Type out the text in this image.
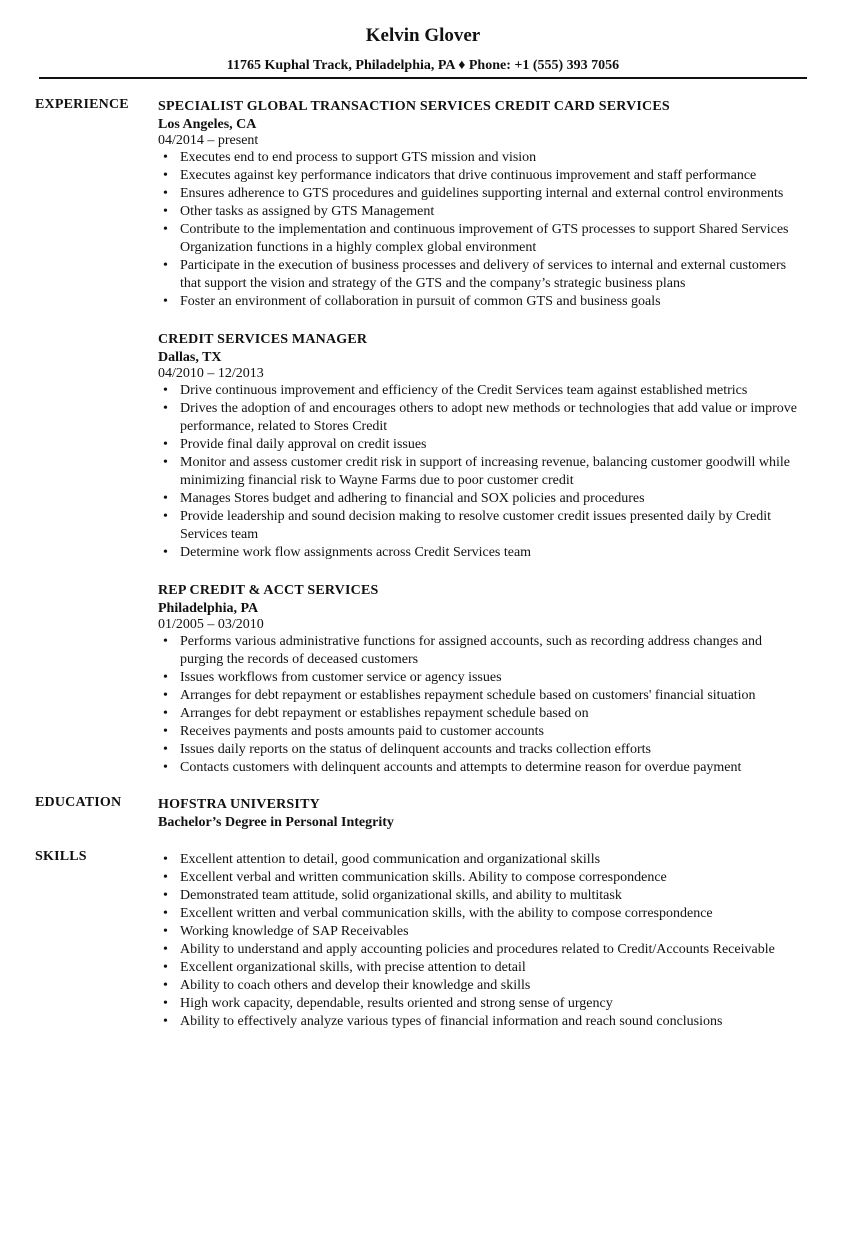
Kelvin Glover
11765 Kuphal Track, Philadelphia, PA ♦ Phone: +1 (555) 393 7056
EXPERIENCE SPECIALIST GLOBAL TRANSACTION SERVICES CREDIT CARD SERVICES
Los Angeles, CA
04/2014 – present
• Executes end to end process to support GTS mission and vision
• Executes against key performance indicators that drive continuous improvement and staff performance
• Ensures adherence to GTS procedures and guidelines supporting internal and external control environments
• Other tasks as assigned by GTS Management
• Contribute to the implementation and continuous improvement of GTS processes to support Shared Services Organization functions in a highly complex global environment
• Participate in the execution of business processes and delivery of services to internal and external customers that support the vision and strategy of the GTS and the company’s strategic business plans
• Foster an environment of collaboration in pursuit of common GTS and business goals
CREDIT SERVICES MANAGER
Dallas, TX
04/2010 – 12/2013
• Drive continuous improvement and efficiency of the Credit Services team against established metrics
• Drives the adoption of and encourages others to adopt new methods or technologies that add value or improve performance, related to Stores Credit
• Provide final daily approval on credit issues
• Monitor and assess customer credit risk in support of increasing revenue, balancing customer goodwill while minimizing financial risk to Wayne Farms due to poor customer credit
• Manages Stores budget and adhering to financial and SOX policies and procedures
• Provide leadership and sound decision making to resolve customer credit issues presented daily by Credit Services team
• Determine work flow assignments across Credit Services team
REP CREDIT & ACCT SERVICES
Philadelphia, PA
01/2005 – 03/2010
• Performs various administrative functions for assigned accounts, such as recording address changes and purging the records of deceased customers
• Issues workflows from customer service or agency issues
• Arranges for debt repayment or establishes repayment schedule based on customers' financial situation
• Arranges for debt repayment or establishes repayment schedule based on
• Receives payments and posts amounts paid to customer accounts
• Issues daily reports on the status of delinquent accounts and tracks collection efforts
• Contacts customers with delinquent accounts and attempts to determine reason for overdue payment
EDUCATION	HOFSTRA UNIVERSITY
Bachelor’s Degree in Personal Integrity
SKILLS
•	Excellent attention to detail, good communication and organizational skills
• Excellent verbal and written communication skills. Ability to compose correspondence
• Demonstrated team attitude, solid organizational skills, and ability to multitask
• Excellent written and verbal communication skills, with the ability to compose correspondence
• Working knowledge of SAP Receivables
• Ability to understand and apply accounting policies and procedures related to Credit/Accounts Receivable
• Excellent organizational skills, with precise attention to detail
• Ability to coach others and develop their knowledge and skills
• High work capacity, dependable, results oriented and strong sense of urgency
• Ability to effectively analyze various types of financial information and reach sound conclusions
